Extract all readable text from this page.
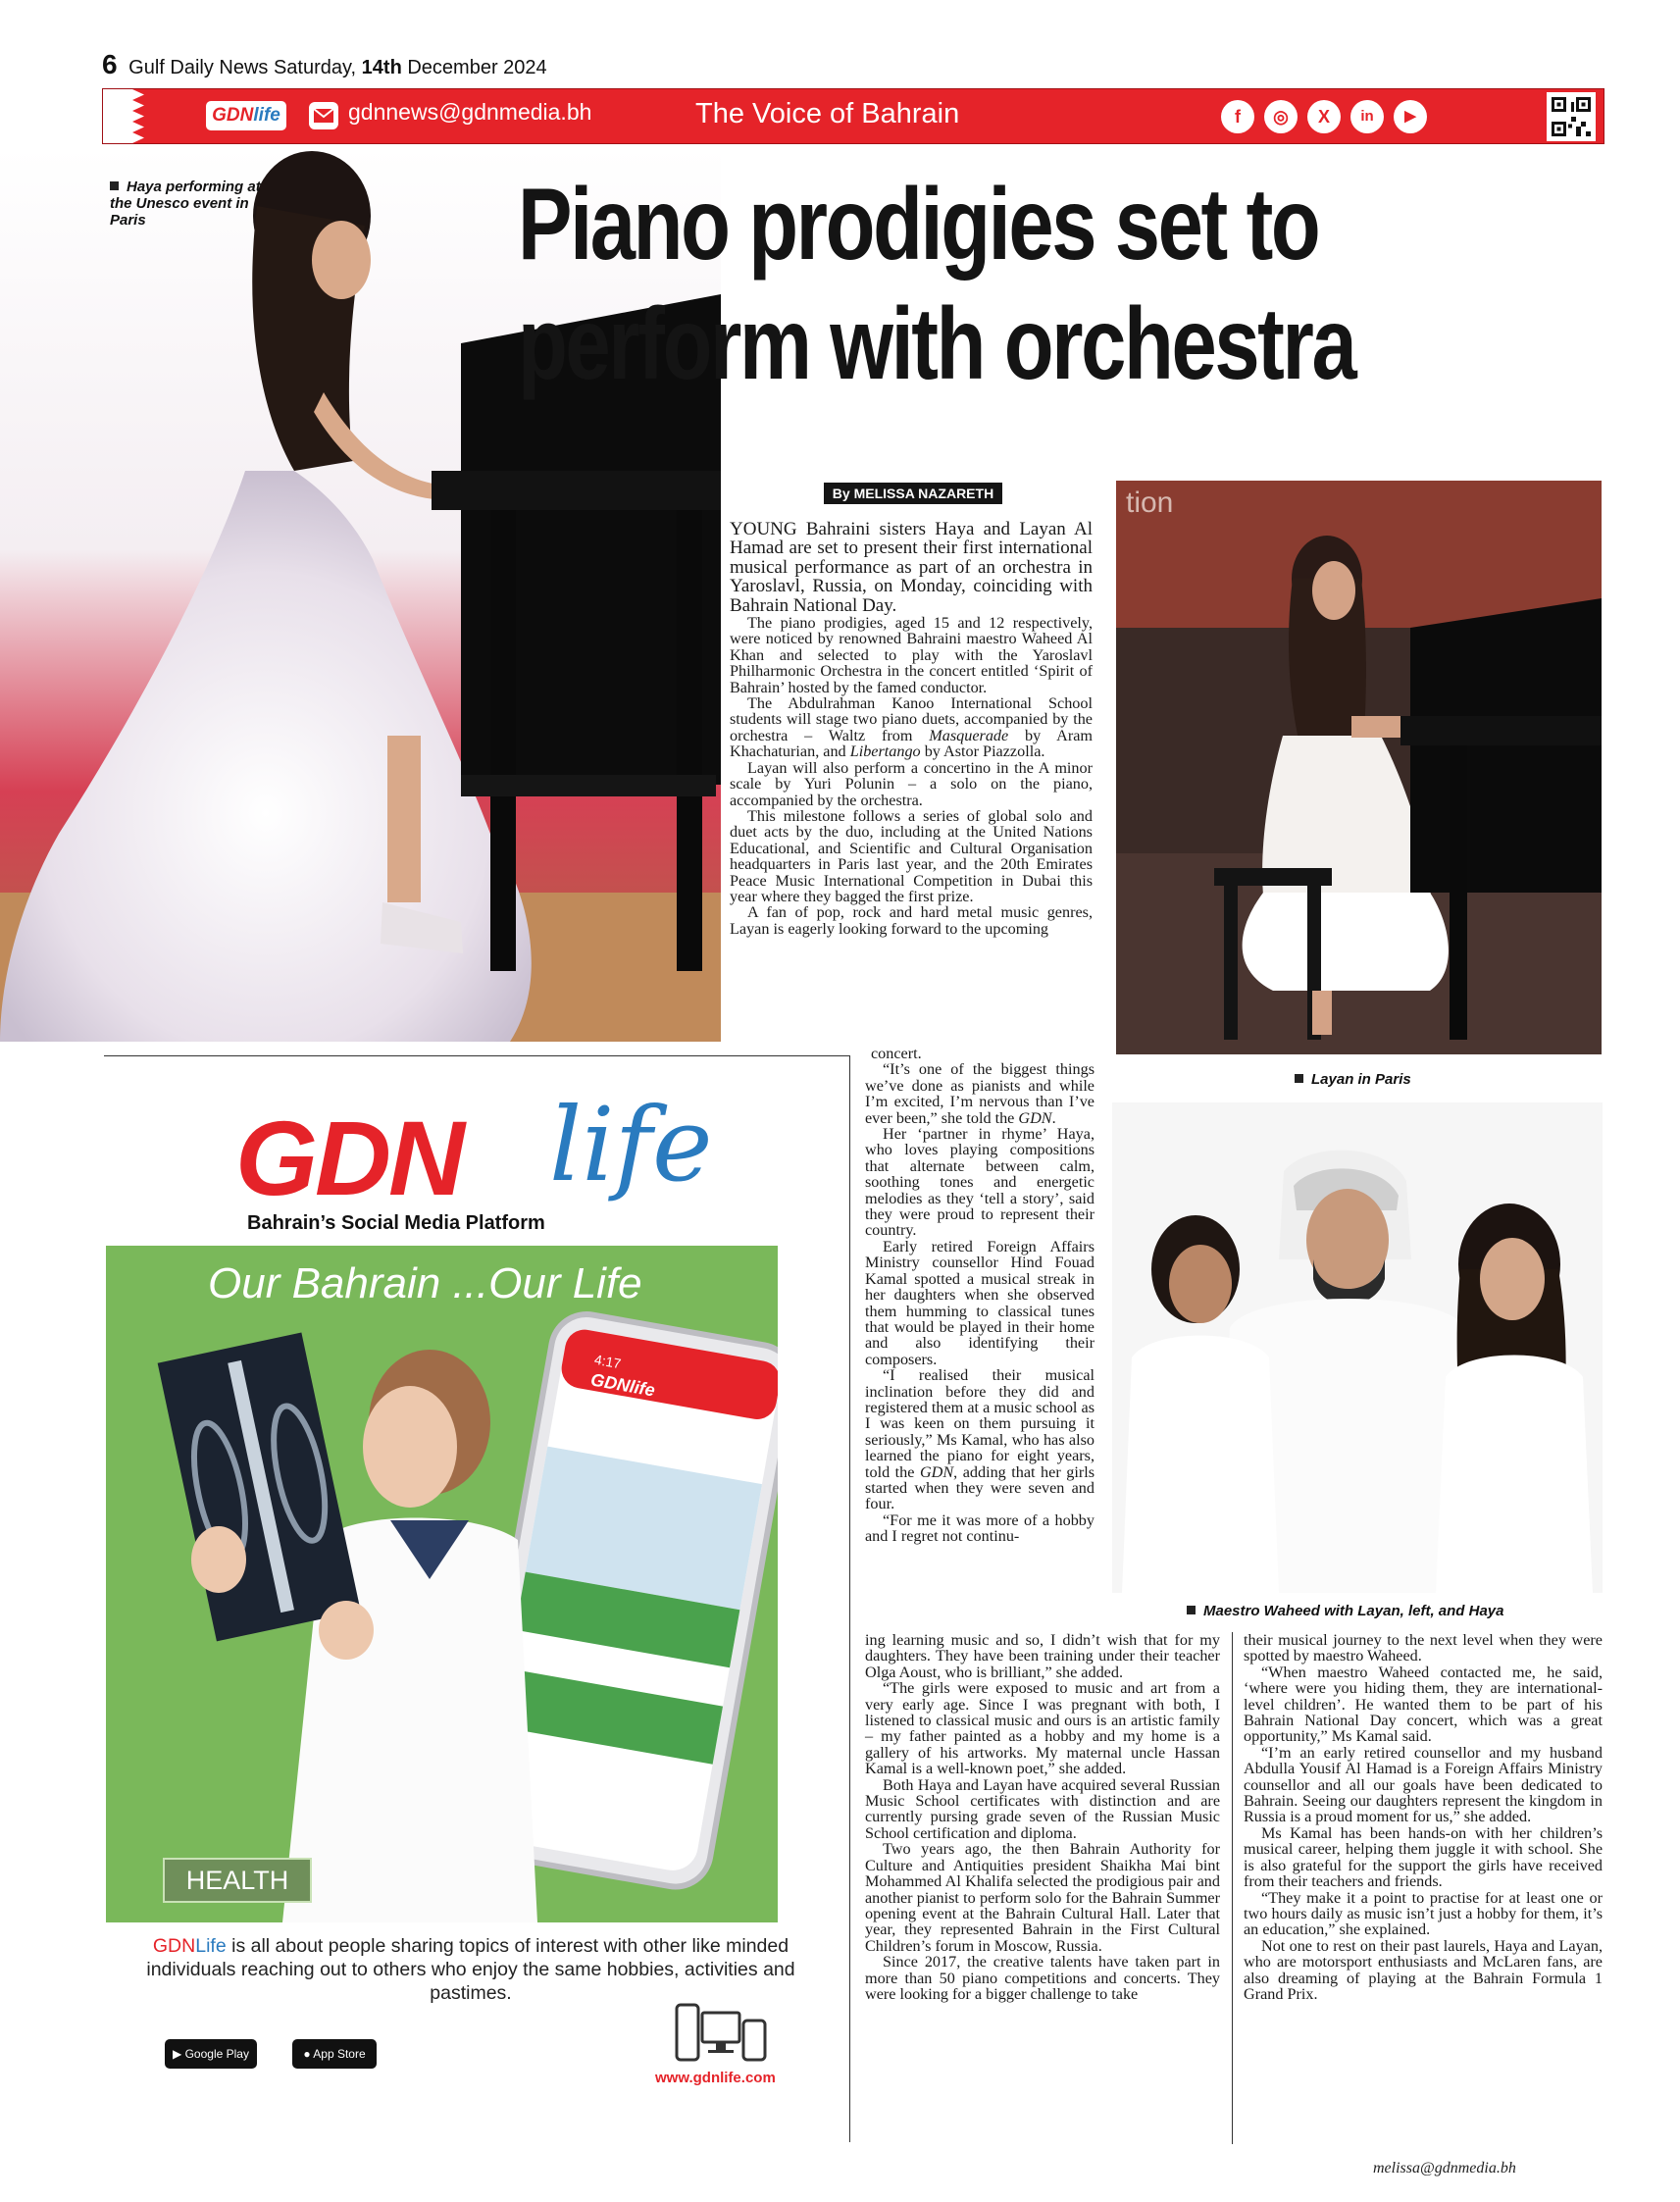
6 Gulf Daily News Saturday, 14th December 2024
GDNlife	gdnnews@gdnmedia.bh	The Voice of Bahrain	f	◎	X	in	▶
Haya performing at the Unesco event in Paris	Piano prodigies set to
perform with orchestra
By MELISSA NAZARETH

YOUNG Bahraini sisters Haya and Layan Al Hamad are set to present their first international musical performance as part of an orchestra in Yaroslavl, Russia, on Monday, coinciding with Bahrain National Day.

The piano prodigies, aged 15 and 12 respectively, were noticed by renowned Bahraini maestro Waheed Al Khan and selected to play with the Yaroslavl Philharmonic Orchestra in the concert entitled ‘Spirit of Bahrain’ hosted by the famed conductor.

The Abdulrahman Kanoo International School students will stage two piano duets, accompanied by the orchestra – Waltz from Masquerade by Aram Khachaturian, and Libertango by Astor Piazzolla.

Layan will also perform a concertino in the A minor scale by Yuri Polunin – a solo on the piano, accompanied by the orchestra.

This milestone follows a series of global solo and duet acts by the duo, including at the United Nations Educational, and Scientific and Cultural Organisation headquarters in Paris last year, and the 20th Emirates Peace Music International Competition in Dubai this year where they bagged the first prize.

A fan of pop, rock and hard metal music genres, Layan is eagerly looking forward to the upcoming

tion
Layan in Paris

concert.

“It’s one of the biggest things we’ve done as pianists and while I’m excited, I’m nervous than I’ve ever been,” she told the GDN.

Her ‘partner in rhyme’ Haya, who loves playing compositions that alternate between calm, soothing tones and energetic melodies as they ‘tell a story’, said they were proud to represent their country.

Early retired Foreign Affairs Ministry counsellor Hind Fouad Kamal spotted a musical streak in her daughters when she observed them humming to classical tunes that would be played in their home and also identifying their composers.

“I realised their musical inclination before they did and registered them at a music school as I was keen on them pursuing it seriously,” Ms Kamal, who has also learned the piano for eight years, told the GDN, adding that her girls started when they were seven and four.

“For me it was more of a hobby and I regret not continu-

Maestro Waheed with Layan, left, and Haya

ing learning music and so, I didn’t wish that for my daughters. They have been training under their teacher Olga Aoust, who is brilliant,” she added.

“The girls were exposed to music and art from a very early age. Since I was pregnant with both, I listened to classical music and ours is an artistic family – my father painted as a hobby and my home is a gallery of his artworks. My maternal uncle Hassan Kamal is a well-known poet,” she added.

Both Haya and Layan have acquired several Russian Music School certificates with distinction and are currently pursing grade seven of the Russian Music School certification and diploma.

Two years ago, the then Bahrain Authority for Culture and Antiquities president Shaikha Mai bint Mohammed Al Khalifa selected the prodigious pair and another pianist to perform solo for the Bahrain Summer opening event at the Bahrain Cultural Hall. Later that year, they represented Bahrain in the First Cultural Children’s forum in Moscow, Russia.

Since 2017, the creative talents have taken part in more than 50 piano competitions and concerts. They were looking for a bigger challenge to take

their musical journey to the next level when they were spotted by maestro Waheed.

“When maestro Waheed contacted me, he said, ‘where were you hiding them, they are international-level children’. He wanted them to be part of his Bahrain National Day concert, which was a great opportunity,” Ms Kamal said.

“I’m an early retired counsellor and my husband Abdulla Yousif Al Hamad is a Foreign Affairs Ministry counsellor and all our goals have been dedicated to Bahrain. Seeing our daughters represent the kingdom in Russia is a proud moment for us,” she added.

Ms Kamal has been hands-on with her children’s musical career, helping them juggle it with school. She is also grateful for the support the girls have received from their teachers and friends.

“They make it a point to practise for at least one or two hours daily as music isn’t just a hobby for them, it’s an education,” she explained.

Not one to rest on their past laurels, Haya and Layan, who are motorsport enthusiasts and McLaren fans, are also dreaming of playing at the Bahrain Formula 1 Grand Prix.

melissa@gdnmedia.bh
GDN life
Bahrain’s Social Media Platform
Our Bahrain ...Our Life
4:17
GDNlife
HEALTH
GDNLife is all about people sharing topics of interest with other like minded individuals reaching out to others who enjoy the same hobbies, activities and pastimes.
▶ Google Play	● App Store
www.gdnlife.com
